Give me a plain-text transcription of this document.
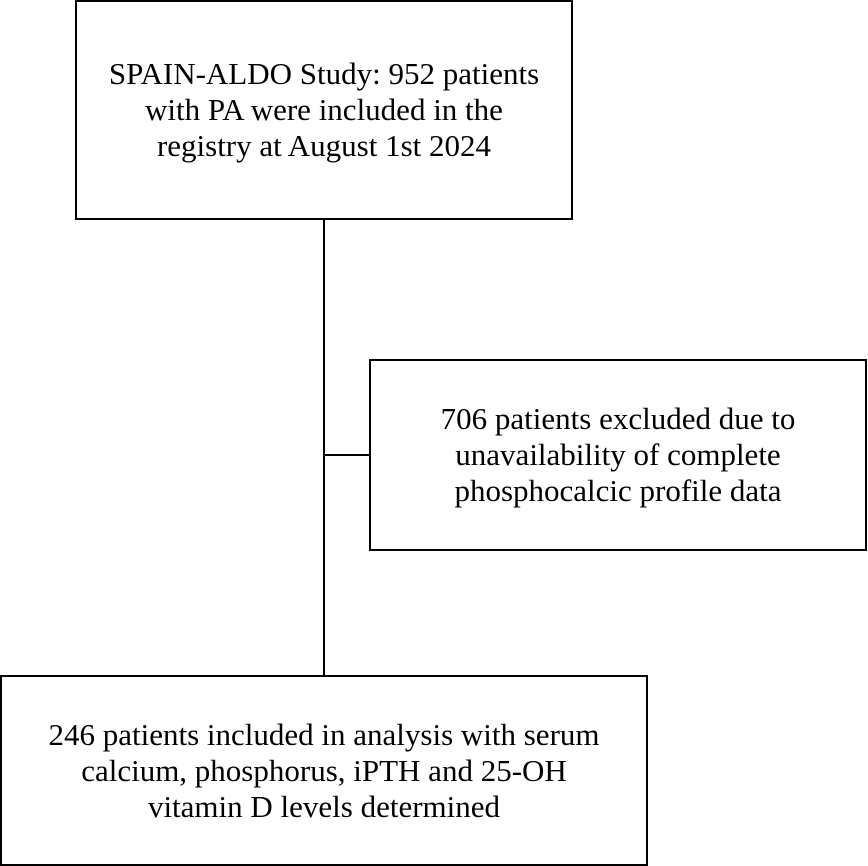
SPAIN-ALDO Study: 952 patients
with PA were included in the
registry at August 1st 2024
706 patients excluded due to
unavailability of complete
phosphocalcic profile data
246 patients included in analysis with serum
calcium, phosphorus, iPTH and 25-OH
vitamin D levels determined
